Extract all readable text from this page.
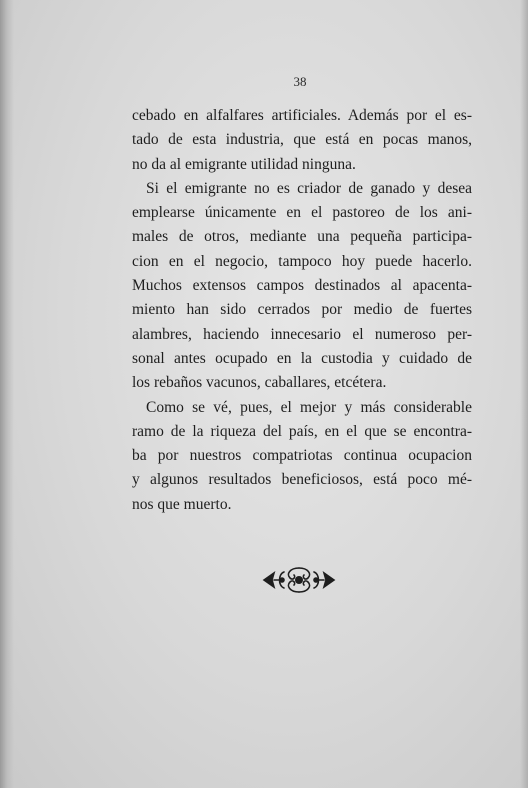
38
cebado en alfalfares artificiales. Además por el es-
tado de esta industria, que está en pocas manos,
no da al emigrante utilidad ninguna.
Si el emigrante no es criador de ganado y desea
emplearse únicamente en el pastoreo de los ani-
males de otros, mediante una pequeña participa-
cion en el negocio, tampoco hoy puede hacerlo.
Muchos extensos campos destinados al apacenta-
miento han sido cerrados por medio de fuertes
alambres, haciendo innecesario el numeroso per-
sonal antes ocupado en la custodia y cuidado de
los rebaños vacunos, caballares, etcétera.
Como se vé, pues, el mejor y más considerable
ramo de la riqueza del país, en el que se encontra-
ba por nuestros compatriotas continua ocupacion
y algunos resultados beneficiosos, está poco mé-
nos que muerto.
